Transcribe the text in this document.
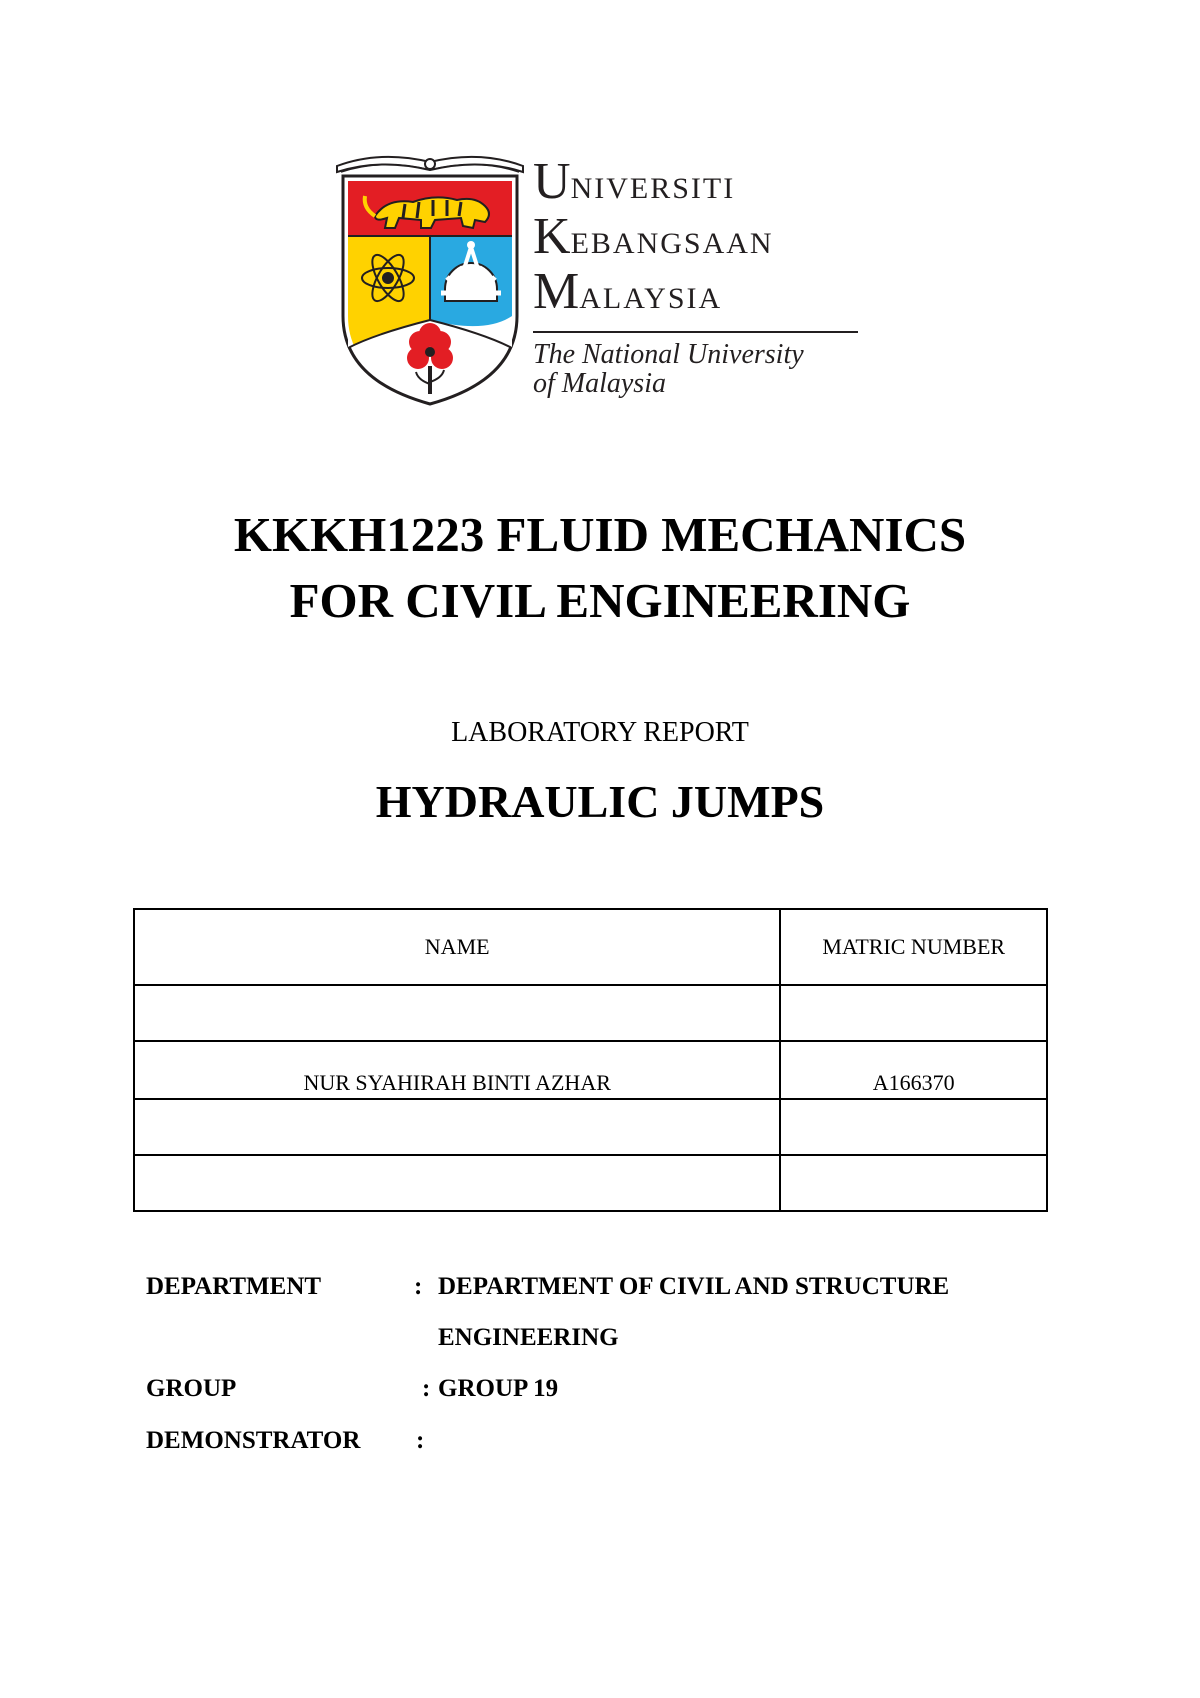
UNIVERSITI
KEBANGSAAN
MALAYSIA
The National University
of Malaysia
KKKH1223 FLUID MECHANICS
FOR CIVIL ENGINEERING
LABORATORY REPORT
HYDRAULIC JUMPS
NAME	MATRIC NUMBER

NUR SYAHIRAH BINTI AZHAR	A166370

DEPARTMENT	: DEPARTMENT OF CIVIL AND STRUCTURE
ENGINEERING
GROUP	: GROUP 19
DEMONSTRATOR :
